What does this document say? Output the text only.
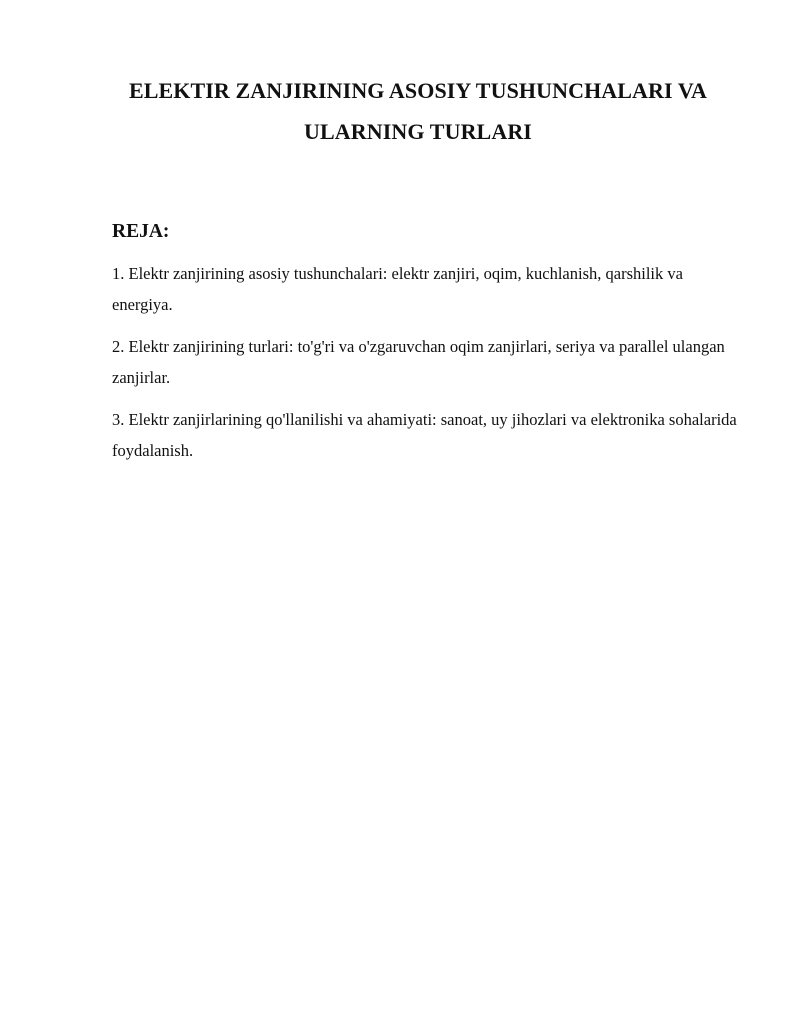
ELEKTIR ZANJIRINING ASOSIY TUSHUNCHALARI VA ULARNING TURLARI
REJA:
1. Elektr zanjirining asosiy tushunchalari: elektr zanjiri, oqim, kuchlanish, qarshilik va energiya.
2. Elektr zanjirining turlari: to'g'ri va o'zgaruvchan oqim zanjirlari, seriya va parallel ulangan zanjirlar.
3. Elektr zanjirlarining qo'llanilishi va ahamiyati: sanoat, uy jihozlari va elektronika sohalarida foydalanish.
